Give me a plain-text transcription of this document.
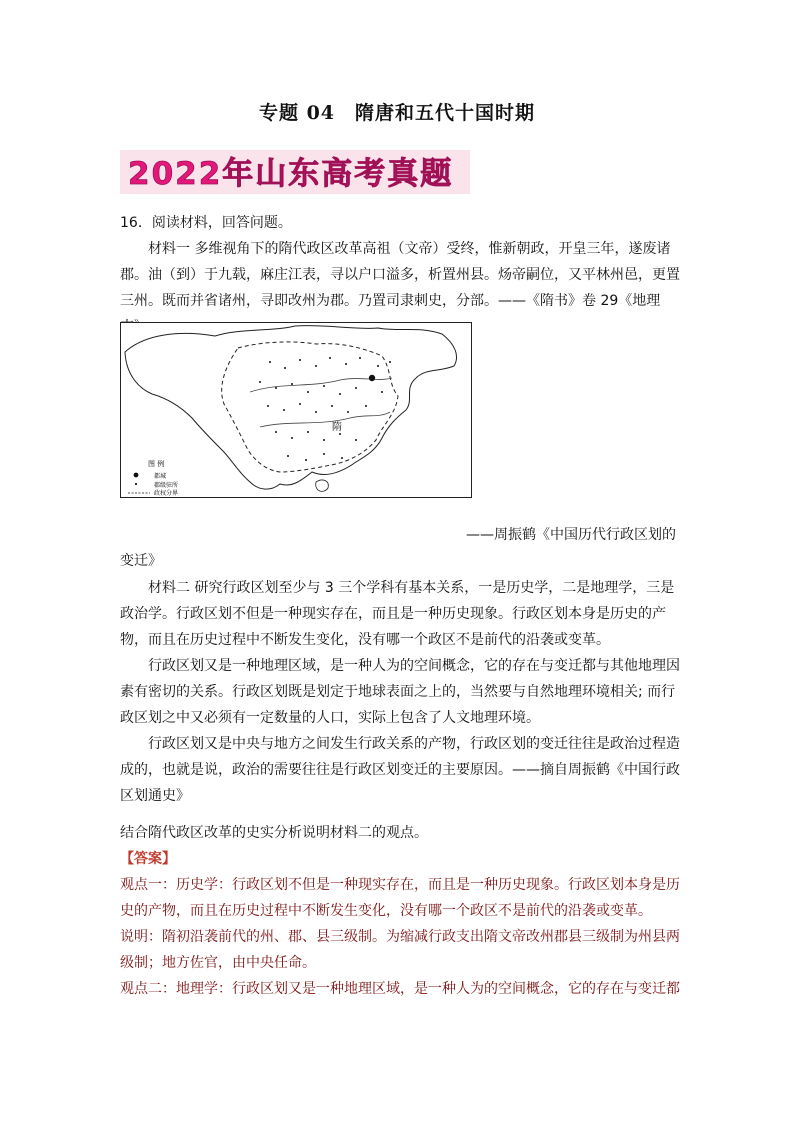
专题 04　隋唐和五代十国时期
2022年山东高考真题

16．阅读材料，回答问题。

材料一 多维视角下的隋代政区改革高祖（文帝）受终，惟新朝政，开皇三年，遂废诸郡。油（到）于九载，麻庄江表，寻以户口溢多，析置州县。炀帝嗣位，又平林州邑，更置三州。既而并省诸州，寻即改州为郡。乃置司隶刺史，分部。——《隋书》卷 29《地理

隋
图 例
都城
郡级驻所
政权分界
——周振鹤《中国历代行政区划的
变迁》

材料二 研究行政区划至少与 3 三个学科有基本关系，一是历史学，二是地理学，三是政治学。行政区划不但是一种现实存在，而且是一种历史现象。行政区划本身是历史的产物，而且在历史过程中不断发生变化，没有哪一个政区不是前代的沿袭或变革。

行政区划又是一种地理区域，是一种人为的空间概念，它的存在与变迁都与其他地理因素有密切的关系。行政区划既是划定于地球表面之上的，当然要与自然地理环境相关; 而行政区划之中又必须有一定数量的人口，实际上包含了人文地理环境。

行政区划又是中央与地方之间发生行政关系的产物，行政区划的变迁往往是政治过程造成的，也就是说，政治的需要往往是行政区划变迁的主要原因。——摘自周振鹤《中国行政区划通史》

结合隋代政区改革的史实分析说明材料二的观点。

【答案】

观点一：历史学：行政区划不但是一种现实存在，而且是一种历史现象。行政区划本身是历史的产物，而且在历史过程中不断发生变化，没有哪一个政区不是前代的沿袭或变革。

说明：隋初沿袭前代的州、郡、县三级制。为缩减行政支出隋文帝改州郡县三级制为州县两级制；地方佐官，由中央任命。

观点二：地理学：行政区划又是一种地理区域，是一种人为的空间概念，它的存在与变迁都
